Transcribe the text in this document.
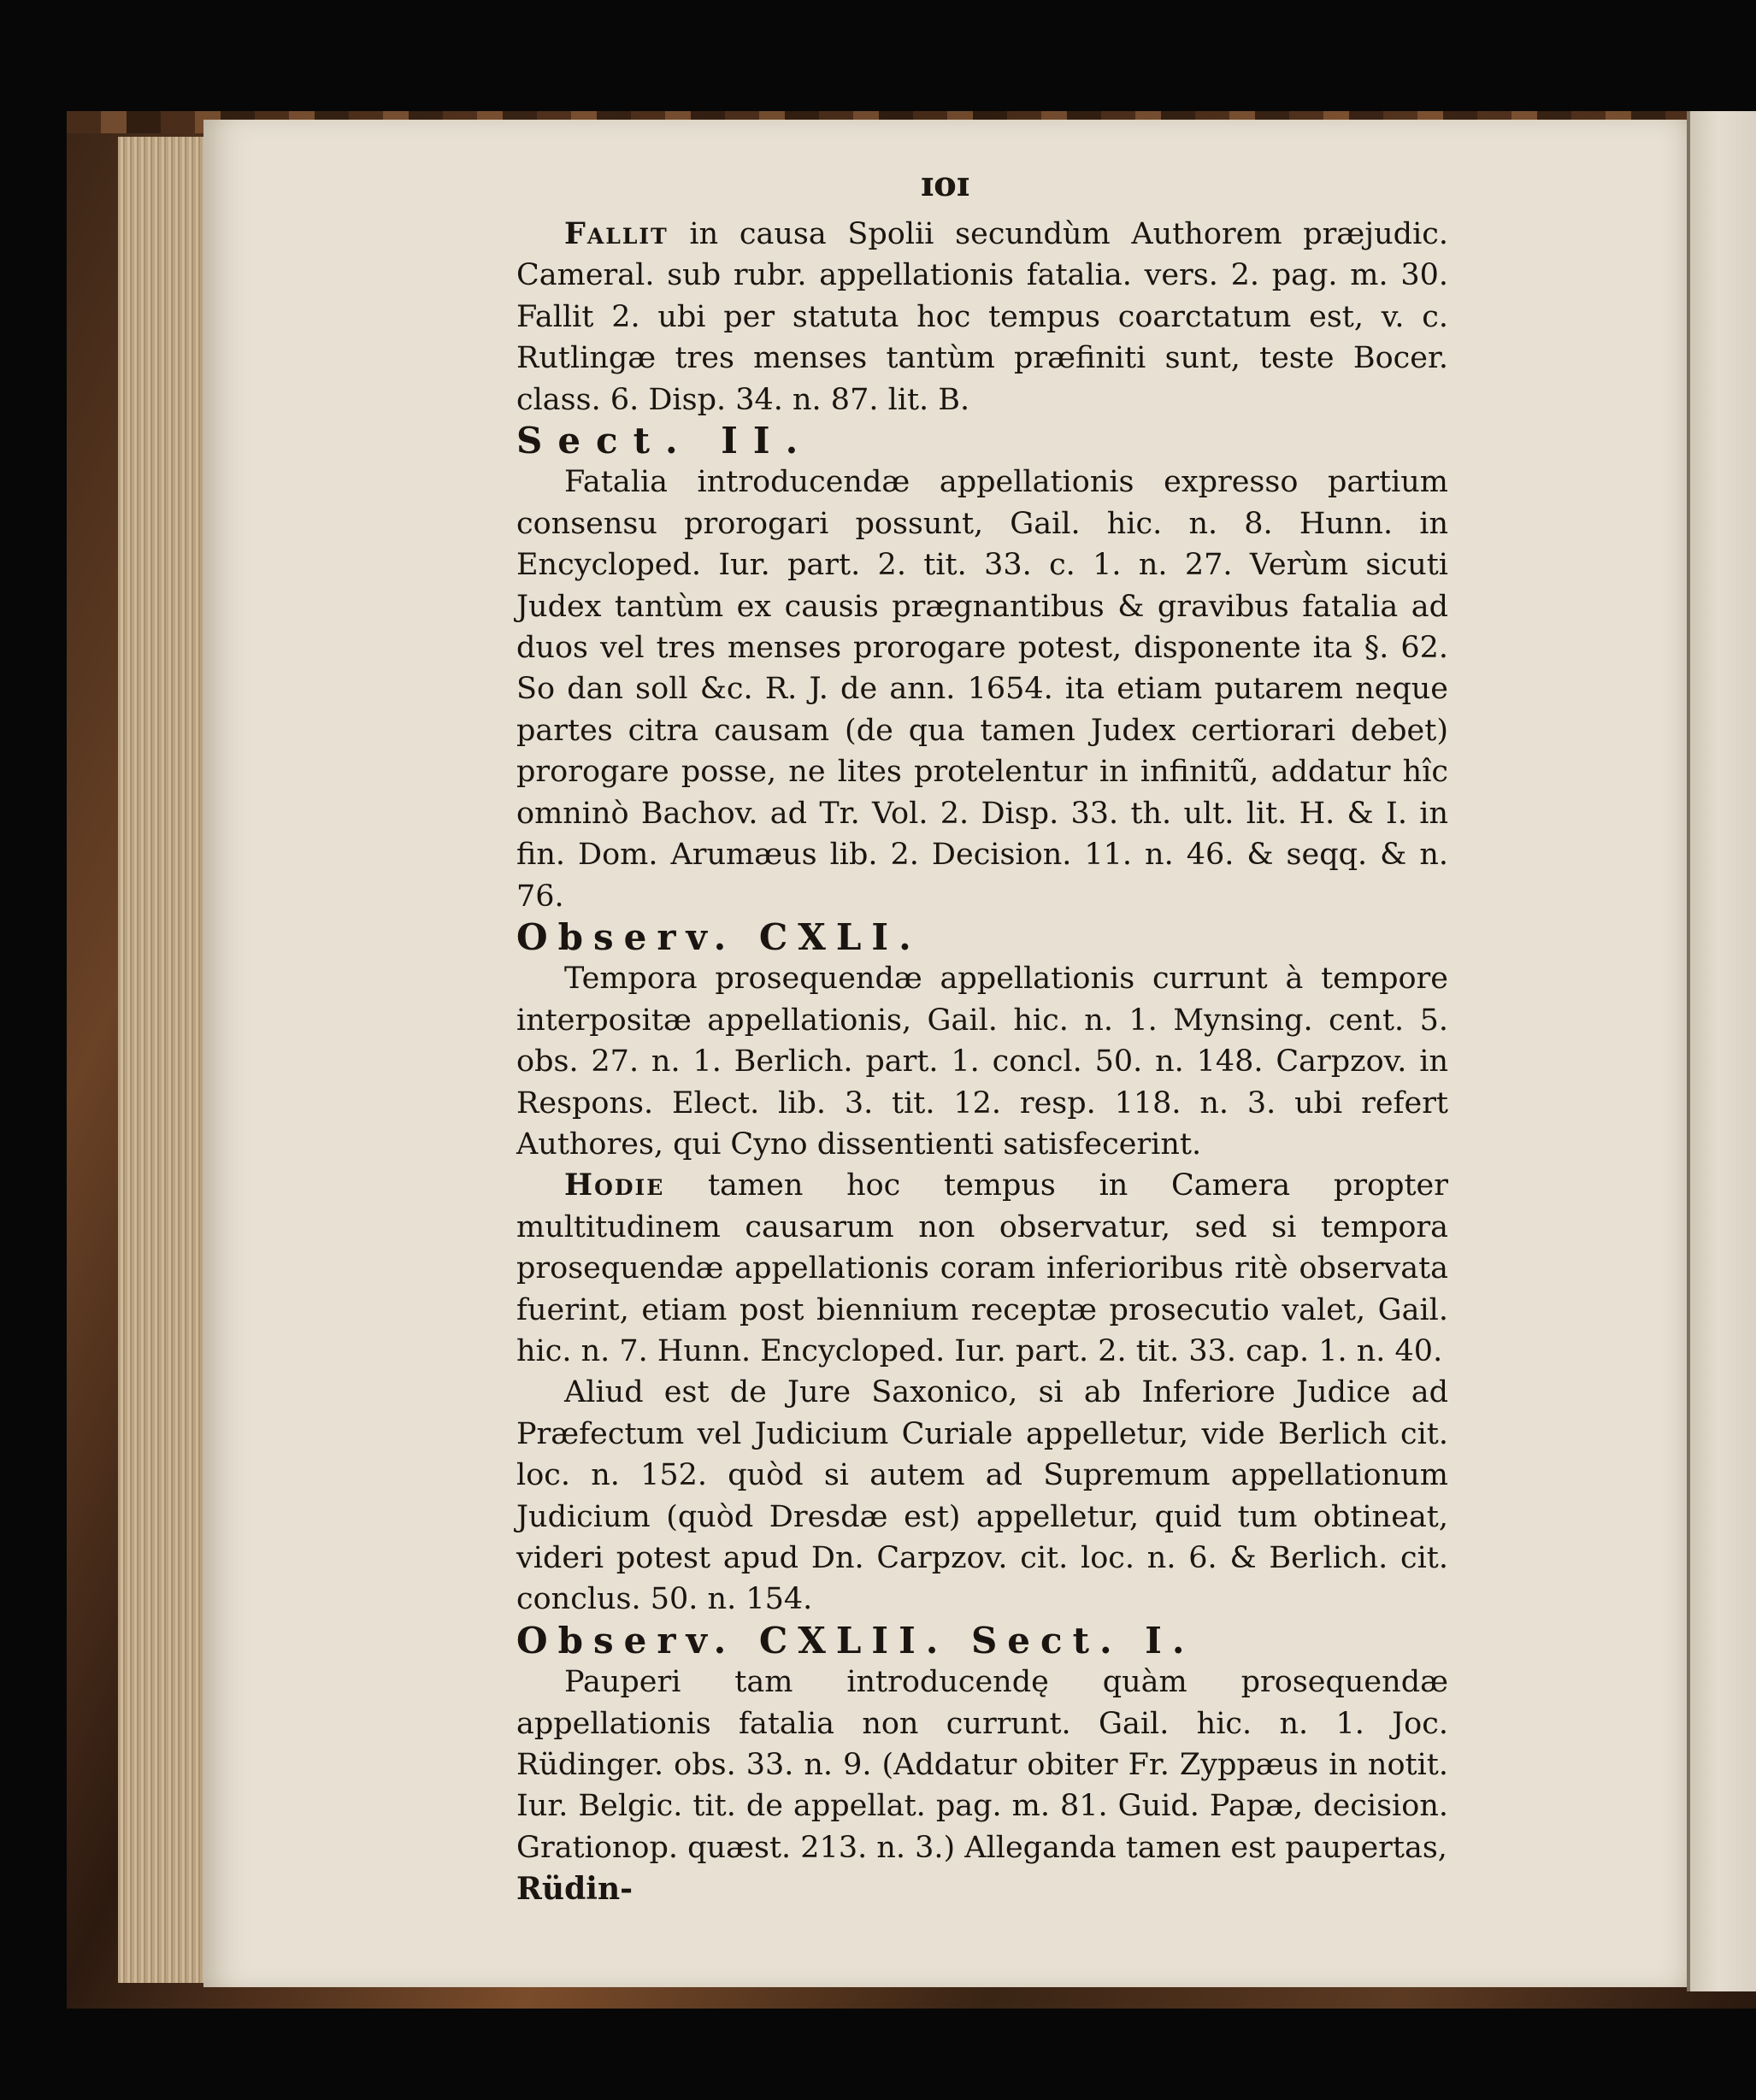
ɪoɪ

Fallit in causa Spolii secundùm Authorem præjudic. Cameral. sub rubr. appellationis fatalia. vers. 2. pag. m. 30. Fallit 2. ubi per statuta hoc tempus coarctatum est, v. c. Rutlingæ tres menses tantùm præfiniti sunt, teste Bocer. class. 6. Disp. 34. n. 87. lit. B.

Sect. II.

Fatalia introducendæ appellationis expresso partium consensu prorogari possunt, Gail. hic. n. 8. Hunn. in Encycloped. Iur. part. 2. tit. 33. c. 1. n. 27. Verùm sicuti Judex tantùm ex causis prægnantibus & gravibus fatalia ad duos vel tres menses prorogare potest, disponente ita §. 62. So dan soll &c. R. J. de ann. 1654. ita etiam putarem neque partes citra causam (de qua tamen Judex certiorari debet) prorogare posse, ne lites protelentur in infinitũ, addatur hîc omninò Bachov. ad Tr. Vol. 2. Disp. 33. th. ult. lit. H. & I. in fin. Dom. Arumæus lib. 2. Decision. 11. n. 46. & seqq. & n. 76.

Observ. CXLI.

Tempora prosequendæ appellationis currunt à tempore interpositæ appellationis, Gail. hic. n. 1. Mynsing. cent. 5. obs. 27. n. 1. Berlich. part. 1. concl. 50. n. 148. Carpzov. in Respons. Elect. lib. 3. tit. 12. resp. 118. n. 3. ubi refert Authores, qui Cyno dissentienti satisfecerint.

Hodie tamen hoc tempus in Camera propter multitudinem causarum non observatur, sed si tempora prosequendæ appellationis coram inferioribus ritè observata fuerint, etiam post biennium receptæ prosecutio valet, Gail. hic. n. 7. Hunn. Encycloped. Iur. part. 2. tit. 33. cap. 1. n. 40.

Aliud est de Jure Saxonico, si ab Inferiore Judice ad Præfectum vel Judicium Curiale appelletur, vide Berlich cit. loc. n. 152. quòd si autem ad Supremum appellationum Judicium (quòd Dresdæ est) appelletur, quid tum obtineat, videri potest apud Dn. Carpzov. cit. loc. n. 6. & Berlich. cit. conclus. 50. n. 154.

Observ. CXLII. Sect. I.

Pauperi tam introducendę quàm prosequendæ appellationis fatalia non currunt. Gail. hic. n. 1. Joc. Rüdinger. obs. 33. n. 9. (Addatur obiter Fr. Zyppæus in notit. Iur. Belgic. tit. de appellat. pag. m. 81. Guid. Papæ, decision. Grationop. quæst. 213. n. 3.) Alleganda tamen est paupertas,

Rüdin-
